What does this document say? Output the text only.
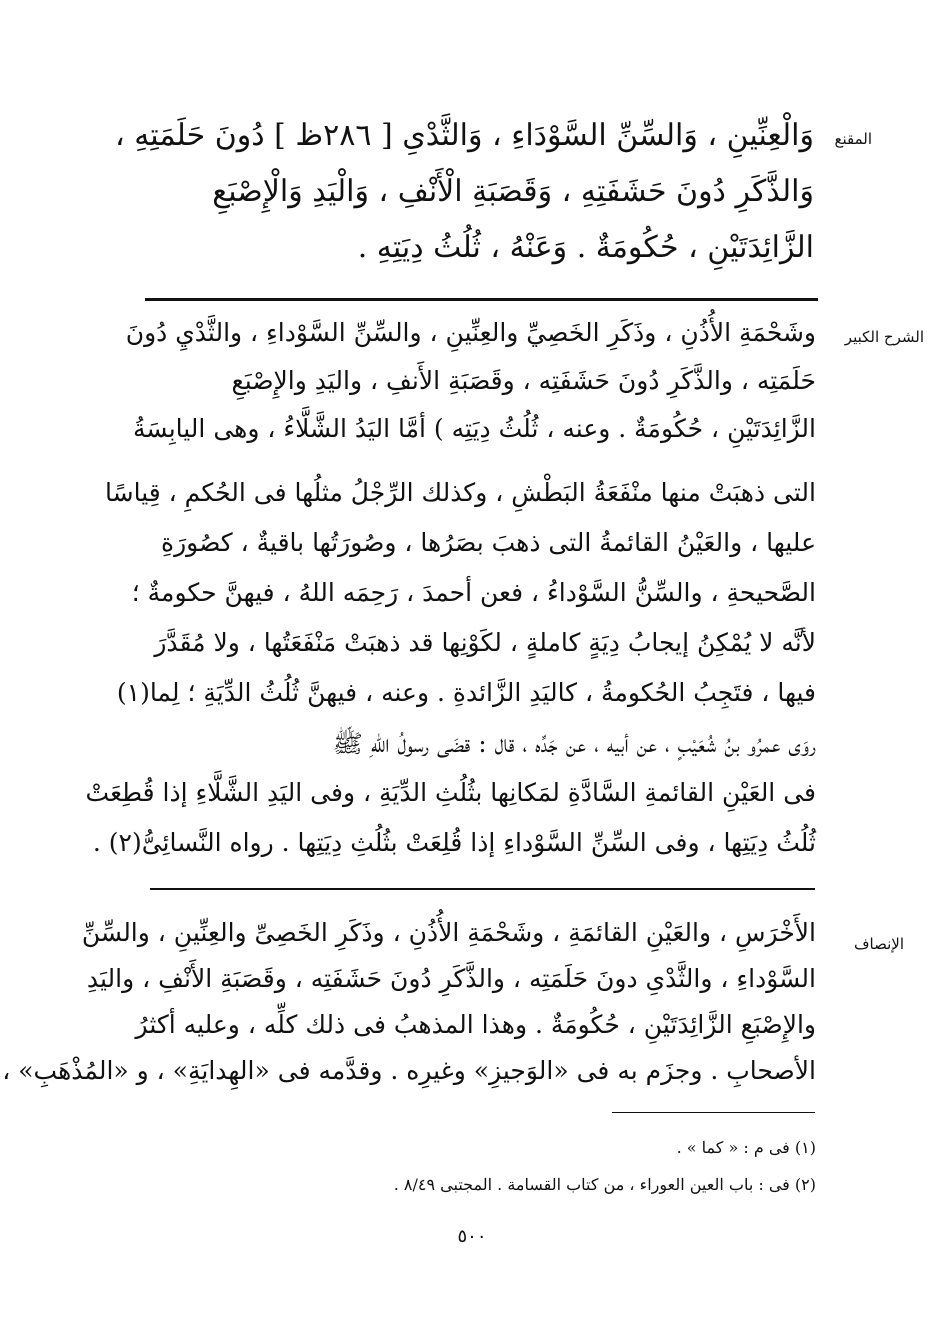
المقنع
وَالْعِنِّينِ ، وَالسِّنِّ السَّوْدَاءِ ، وَالثَّدْىِ [ ٢٨٦ظ ] دُونَ حَلَمَتِهِ ،
وَالذَّكَرِ دُونَ حَشَفَتِهِ ، وَقَصَبَةِ الْأَنْفِ ، وَالْيَدِ وَالْإِصْبَعِ
الزَّائِدَتَيْنِ ، حُكُومَةٌ . وَعَنْهُ ، ثُلُثُ دِيَتِهِ .
الشرح الكبير
وشَحْمَةِ الأُذُنِ ، وذَكَرِ الخَصِيِّ والعِنِّينِ ، والسِّنِّ السَّوْداءِ ، والثَّدْيِ دُونَ
حَلَمَتِه ، والذَّكَرِ دُونَ حَشَفَتِه ، وقَصَبَةِ الأَنفِ ، واليَدِ والإِصْبَعِ
الزَّائِدَتَيْنِ ، حُكُومَةٌ . وعنه ، ثُلُثُ دِيَتِه ) أمَّا اليَدُ الشَّلَّاءُ ، وهى اليابِسَةُ
التى ذهبَتْ منها منْفَعَةُ البَطْشِ ، وكذلك الرِّجْلُ مثلُها فى الحُكمِ ، قِياسًا
عليها ، والعَيْنُ القائمةُ التى ذهبَ بصَرُها ، وصُورَتُها باقيةٌ ، كصُورَةِ
الصَّحيحةِ ، والسِّنُّ السَّوْداءُ ، فعن أحمدَ ، رَحِمَه اللهُ ، فيهنَّ حكومةٌ ؛
لأنَّه لا يُمْكِنُ إيجابُ دِيَةٍ كاملةٍ ، لكَوْنِها قد ذهبَتْ مَنْفَعَتُها ، ولا مُقَدَّرَ
فيها ، فتَجِبُ الحُكومةُ ، كاليَدِ الزَّائدةِ . وعنه ، فيهنَّ ثُلُثُ الدِّيَةِ ؛ لِما(١)
روَى عمرُو بنُ شُعَيْبٍ ، عن أبيه ، عن جَدِّه ، قال : قضَى رسولُ اللهِ ﷺ
فى العَيْنِ القائمةِ السَّادَّةِ لمَكانِها بثُلُثِ الدِّيَةِ ، وفى اليَدِ الشَّلَّاءِ إذا قُطِعَتْ
ثُلُثُ دِيَتِها ، وفى السِّنِّ السَّوْداءِ إذا قُلِعَتْ بثُلُثِ دِيَتِها . رواه النَّسائِىُّ(٢) .
الإنصاف
الأَخْرَسِ ، والعَيْنِ القائمَةِ ، وشَحْمَةِ الأُذُنِ ، وذَكَرِ الخَصِىِّ والعِنِّينِ ، والسِّنِّ
السَّوْداءِ ، والثَّدْىِ دونَ حَلَمَتِه ، والذَّكَرِ دُونَ حَشَفَتِه ، وقَصَبَةِ الأَنْفِ ، واليَدِ
والإِصْبَعِ الزَّائِدَتَيْنِ ، حُكُومَةٌ . وهذا المذهبُ فى ذلك كلِّه ، وعليه أكثرُ
الأصحابِ . وجزَم به فى «الوَجيزِ» وغيرِه . وقدَّمه فى «الهِدايَةِ» ، و «المُذْهَبِ» ،
(١) فى م : « كما » .
(٢) فى : باب العين العوراء ، من كتاب القسامة . المجتبى ٨/٤٩ .
٥٠٠
